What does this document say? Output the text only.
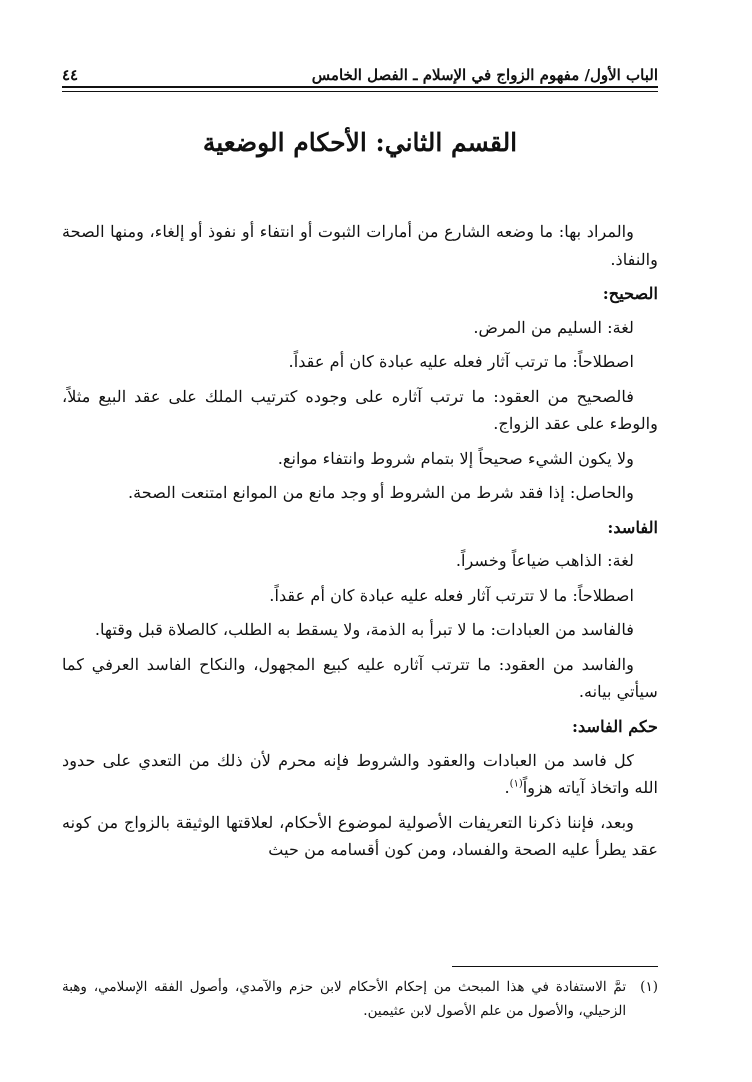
الباب الأول/ مفهوم الزواج في الإسلام ـ الفصل الخامس
٤٤
القسم الثاني: الأحكام الوضعية

والمراد بها: ما وضعه الشارع من أمارات الثبوت أو انتفاء أو نفوذ أو إلغاء، ومنها الصحة والنفاذ.

الصحيح:

لغة: السليم من المرض.

اصطلاحاً: ما ترتب آثار فعله عليه عبادة كان أم عقداً.

فالصحيح من العقود: ما ترتب آثاره على وجوده كترتيب الملك على عقد البيع مثلاً، والوطء على عقد الزواج.

ولا يكون الشيء صحيحاً إلا بتمام شروط وانتفاء موانع.

والحاصل: إذا فقد شرط من الشروط أو وجد مانع من الموانع امتنعت الصحة.

الفاسد:

لغة: الذاهب ضياعاً وخسراً.

اصطلاحاً: ما لا تترتب آثار فعله عليه عبادة كان أم عقداً.

فالفاسد من العبادات: ما لا تبرأ به الذمة، ولا يسقط به الطلب، كالصلاة قبل وقتها.

والفاسد من العقود: ما تترتب آثاره عليه كبيع المجهول، والنكاح الفاسد العرفي كما سيأتي بيانه.

حكم الفاسد:

كل فاسد من العبادات والعقود والشروط فإنه محرم لأن ذلك من التعدي على حدود الله واتخاذ آياته هزواً$^{(١)}$.

وبعد، فإننا ذكرنا التعريفات الأصولية لموضوع الأحكام، لعلاقتها الوثيقة بالزواج من كونه عقد يطرأ عليه الصحة والفساد، ومن كون أقسامه من حيث

(١)
تمَّ الاستفادة في هذا المبحث من إحكام الأحكام لابن حزم والآمدي، وأصول الفقه الإسلامي، وهبة الزحيلي، والأصول من علم الأصول لابن عثيمين.
